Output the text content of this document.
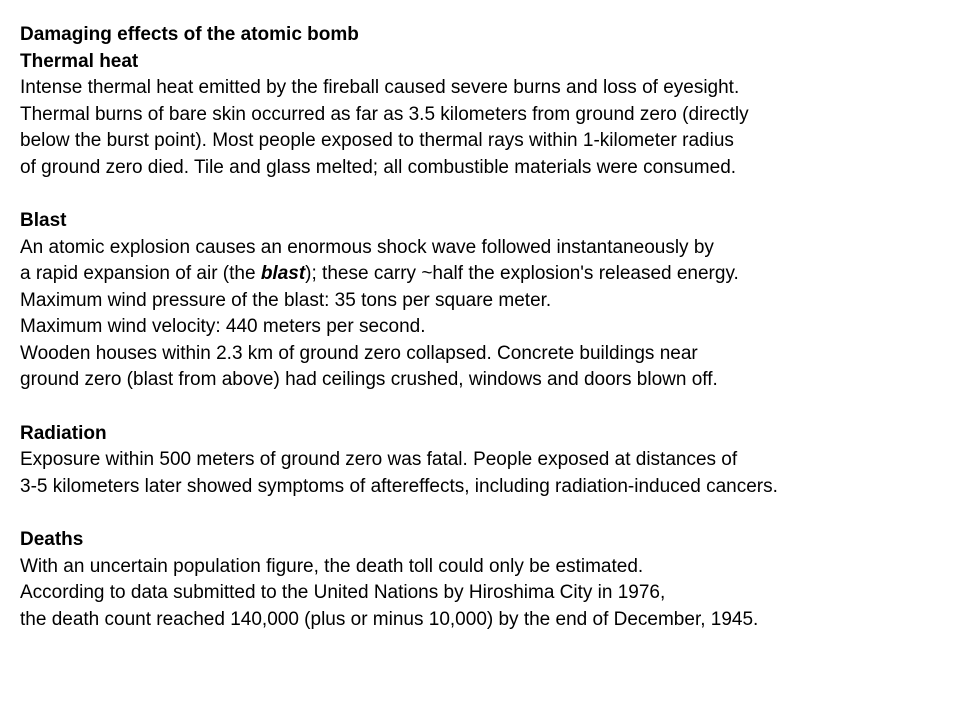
Damaging effects of the atomic bomb
Thermal heat
Intense thermal heat emitted by the fireball caused severe burns and loss of eyesight.
Thermal burns of bare skin occurred as far as 3.5 kilometers from ground zero (directly
below the burst point). Most people exposed to thermal rays within 1-kilometer radius
of ground zero died. Tile and glass melted; all combustible materials were consumed.
Blast
An atomic explosion causes an enormous shock wave followed instantaneously by
a rapid expansion of air (the blast); these carry ~half the explosion's released energy.
Maximum wind pressure of the blast: 35 tons per square meter.
Maximum wind velocity: 440 meters per second.
Wooden houses within 2.3 km of ground zero collapsed. Concrete buildings near
ground zero (blast from above) had ceilings crushed, windows and doors blown off.
Radiation
Exposure within 500 meters of ground zero was fatal. People exposed at distances of
3-5 kilometers later showed symptoms of aftereffects, including radiation-induced cancers.
Deaths
With an uncertain population figure, the death toll could only be estimated.
According to data submitted to the United Nations by Hiroshima City in 1976,
the death count reached 140,000 (plus or minus 10,000) by the end of December, 1945.
